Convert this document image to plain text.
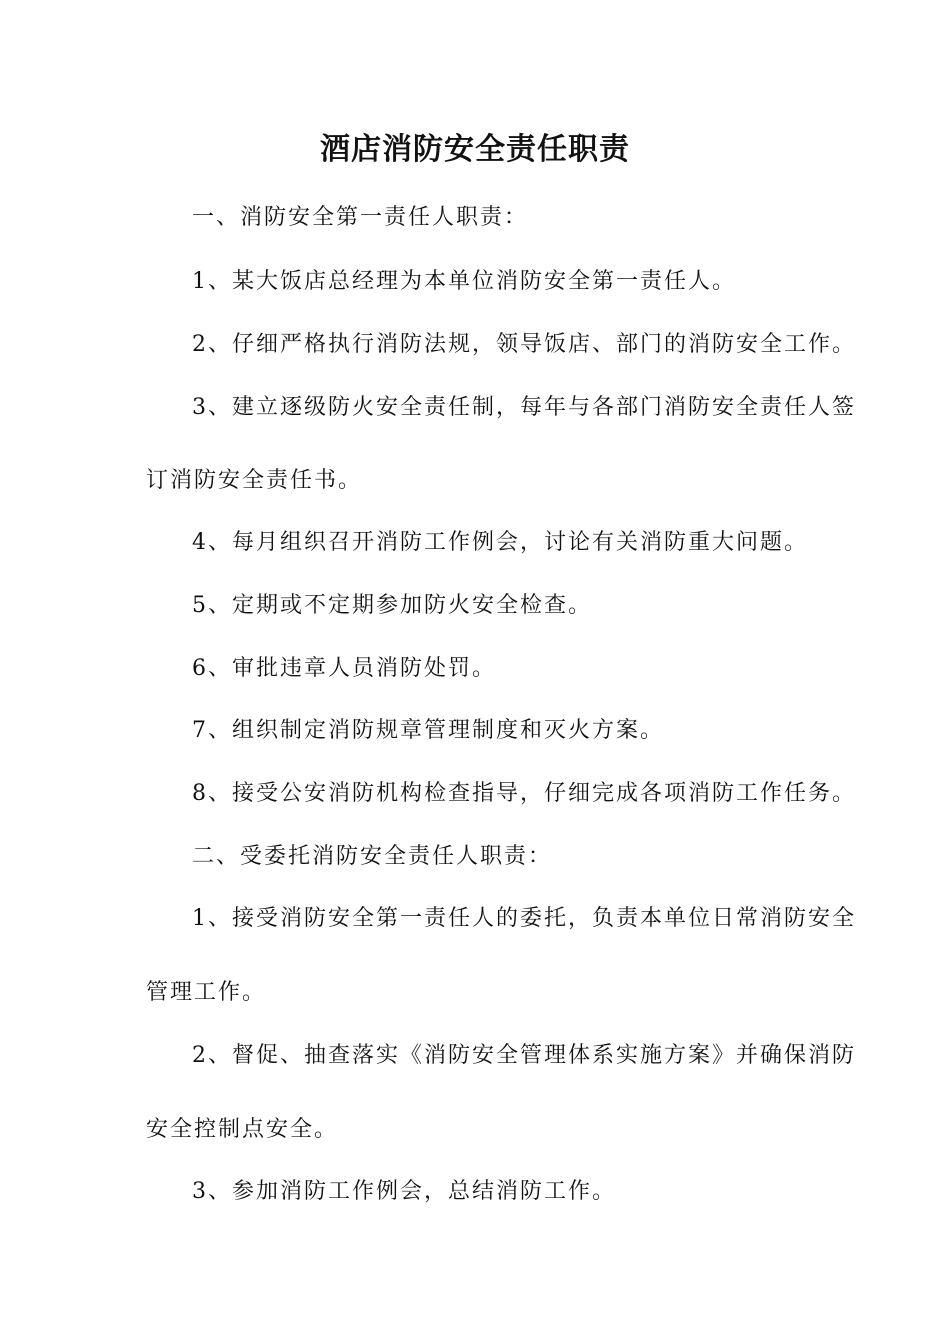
酒店消防安全责任职责

一、消防安全第一责任人职责：

1、某大饭店总经理为本单位消防安全第一责任人。

2、仔细严格执行消防法规，领导饭店、部门的消防安全工作。

3、建立逐级防火安全责任制，每年与各部门消防安全责任人签

订消防安全责任书。

4、每月组织召开消防工作例会，讨论有关消防重大问题。

5、定期或不定期参加防火安全检查。

6、审批违章人员消防处罚。

7、组织制定消防规章管理制度和灭火方案。

8、接受公安消防机构检查指导，仔细完成各项消防工作任务。

二、受委托消防安全责任人职责：

1、接受消防安全第一责任人的委托，负责本单位日常消防安全

管理工作。

2、督促、抽查落实《消防安全管理体系实施方案》并确保消防

安全控制点安全。

3、参加消防工作例会，总结消防工作。
